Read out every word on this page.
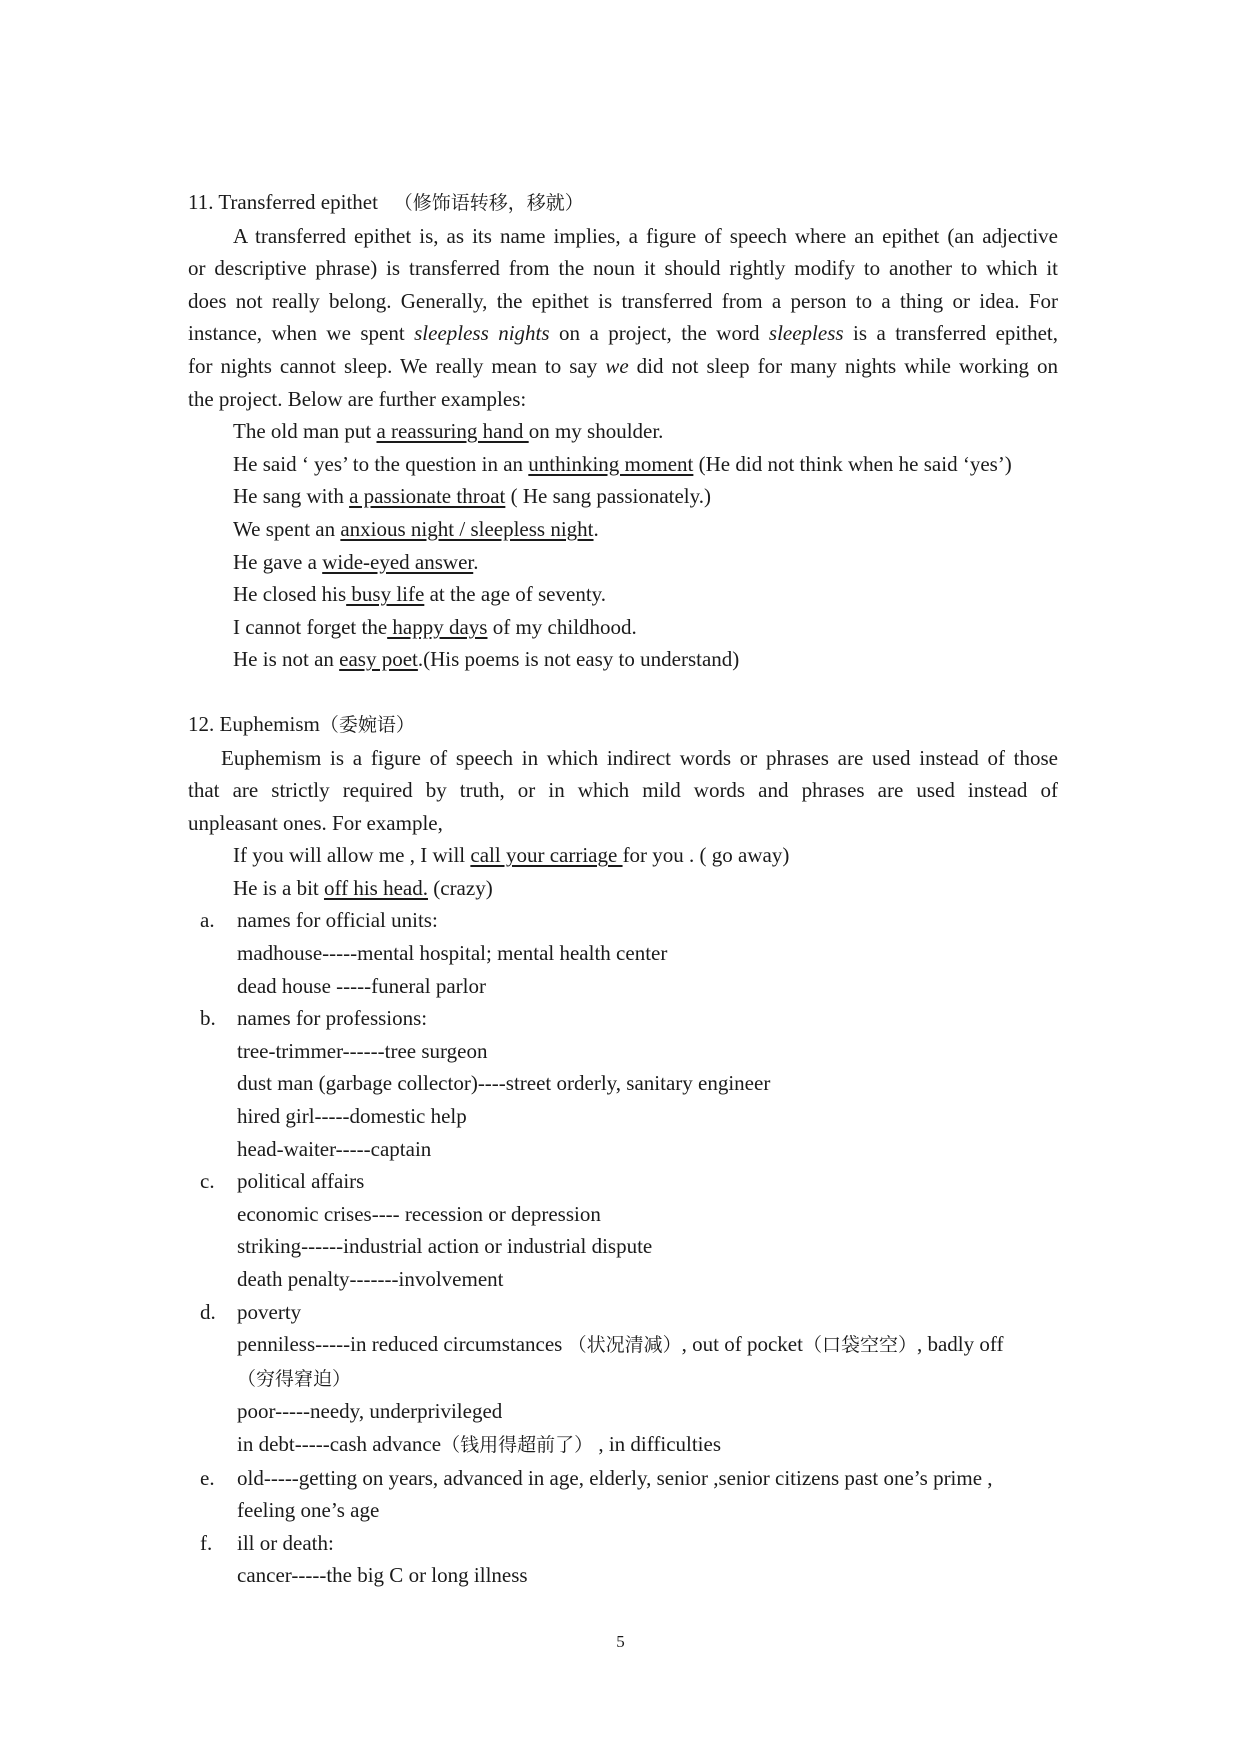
11. Transferred epithet （修饰语转移，移就）
A transferred epithet is, as its name implies, a figure of speech where an epithet (an adjective
or descriptive phrase) is transferred from the noun it should rightly modify to another to which it
does not really belong. Generally, the epithet is transferred from a person to a thing or idea. For
instance, when we spent sleepless nights on a project, the word sleepless is a transferred epithet,
for nights cannot sleep. We really mean to say we did not sleep for many nights while working on
the project. Below are further examples:
The old man put a reassuring hand on my shoulder.
He said ‘ yes’ to the question in an unthinking moment (He did not think when he said ‘yes’)
He sang with a passionate throat ( He sang passionately.)
We spent an anxious night / sleepless night.
He gave a wide-eyed answer.
He closed his busy life at the age of seventy.
I cannot forget the happy days of my childhood.
He is not an easy poet.(His poems is not easy to understand)
12. Euphemism（委婉语）
Euphemism is a figure of speech in which indirect words or phrases are used instead of those
that are strictly required by truth, or in which mild words and phrases are used instead of
unpleasant ones. For example,
If you will allow me , I will call your carriage for you . ( go away)
He is a bit off his head. (crazy)
a. names for official units:
madhouse-----mental hospital; mental health center
dead house -----funeral parlor
b. names for professions:
tree-trimmer------tree surgeon
dust man (garbage collector)----street orderly, sanitary engineer
hired girl-----domestic help
head-waiter-----captain
c. political affairs
economic crises---- recession or depression
striking------industrial action or industrial dispute
death penalty-------involvement
d. poverty
penniless-----in reduced circumstances （状况清减）, out of pocket（口袋空空）, badly off
（穷得窘迫）
poor-----needy, underprivileged
in debt-----cash advance（钱用得超前了） , in difficulties
e. old-----getting on years, advanced in age, elderly, senior ,senior citizens past one’s prime ,
feeling one’s age
f. ill or death:
cancer-----the big C or long illness
5
